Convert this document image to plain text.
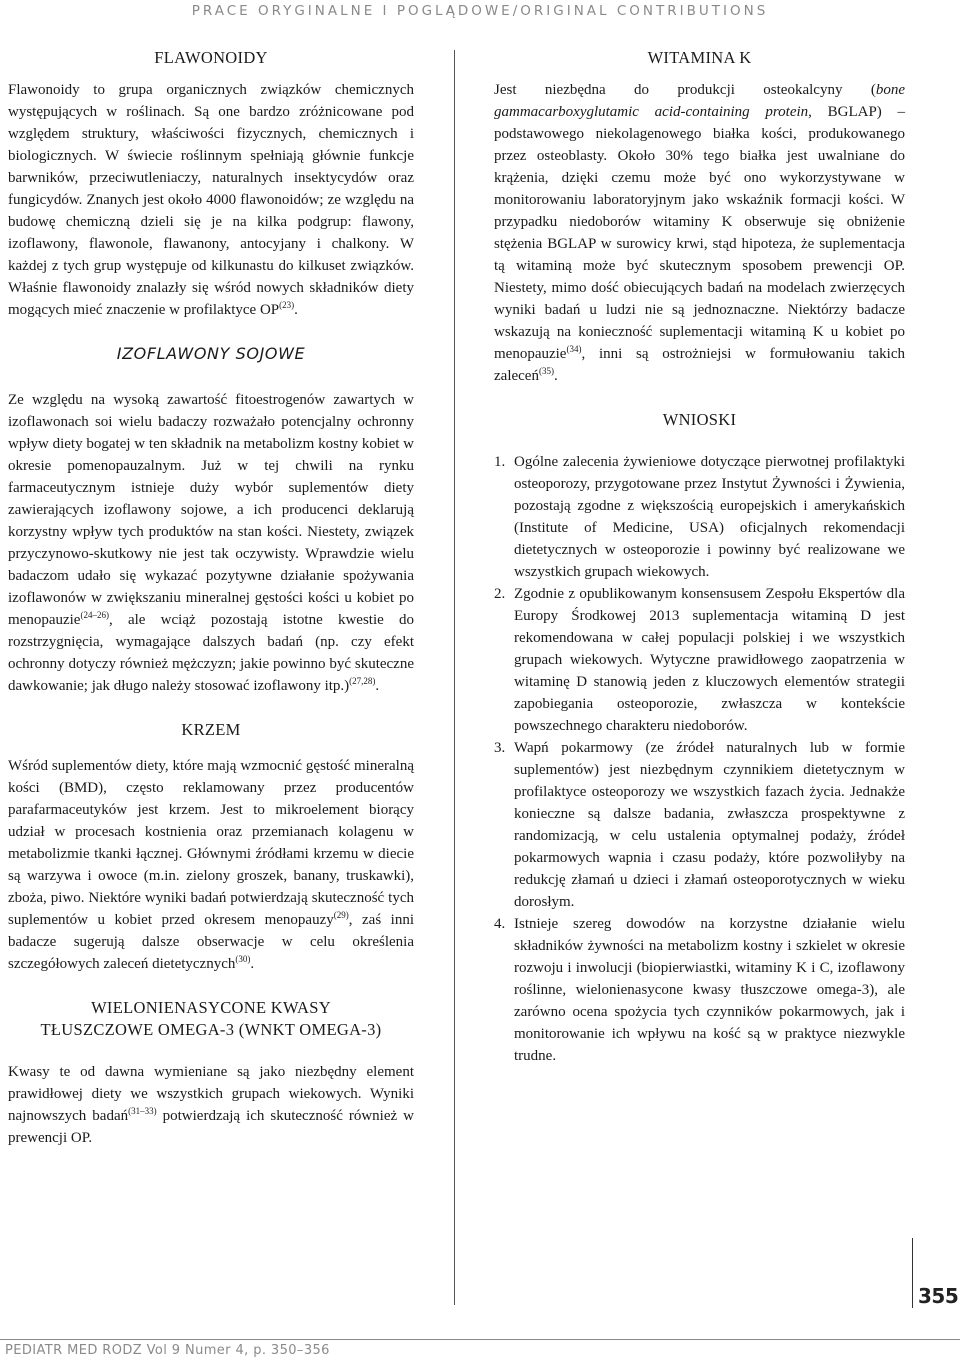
PRACE ORYGINALNE I POGLĄDOWE/ORIGINAL CONTRIBUTIONS
FLAWONOIDY

Flawonoidy to grupa organicznych związków chemicznych występujących w roślinach. Są one bardzo zróżnicowane pod względem struktury, właściwości fizycznych, chemicznych i biologicznych. W świecie roślinnym spełniają głównie funkcje barwników, przeciwutleniaczy, naturalnych insektycydów oraz fungicydów. Znanych jest około 4000 flawonoidów; ze względu na budowę chemiczną dzieli się je na kilka podgrup: flawony, izoflawony, flawonole, flawanony, antocyjany i chalkony. W każdej z tych grup występuje od kilkunastu do kilkuset związków. Właśnie flawonoidy znalazły się wśród nowych składników diety mogących mieć znaczenie w profilaktyce OP$^{(23)}$.

IZOFLAWONY SOJOWE

Ze względu na wysoką zawartość fitoestrogenów zawartych w izoflawonach soi wielu badaczy rozważało potencjalny ochronny wpływ diety bogatej w ten składnik na metabolizm kostny kobiet w okresie pomenopauzalnym. Już w tej chwili na rynku farmaceutycznym istnieje duży wybór suplementów diety zawierających izoflawony sojowe, a ich producenci deklarują korzystny wpływ tych produktów na stan kości. Niestety, związek przyczynowo-skutkowy nie jest tak oczywisty. Wprawdzie wielu badaczom udało się wykazać pozytywne działanie spożywania izoflawonów w zwiększaniu mineralnej gęstości kości u kobiet po menopauzie$^{(24-26)}$, ale wciąż pozostają istotne kwestie do rozstrzygnięcia, wymagające dalszych badań (np. czy efekt ochronny dotyczy również mężczyzn; jakie powinno być skuteczne dawkowanie; jak długo należy stosować izoflawony itp.)$^{(27,28)}$.

KRZEM

Wśród suplementów diety, które mają wzmocnić gęstość mineralną kości (BMD), często reklamowany przez producentów parafarmaceutyków jest krzem. Jest to mikroelement biorący udział w procesach kostnienia oraz przemianach kolagenu w metabolizmie tkanki łącznej. Głównymi źródłami krzemu w diecie są warzywa i owoce (m.in. zielony groszek, banany, truskawki), zboża, piwo. Niektóre wyniki badań potwierdzają skuteczność tych suplementów u kobiet przed okresem menopauzy$^{(29)}$, zaś inni badacze sugerują dalsze obserwacje w celu określenia szczegółowych zaleceń dietetycznych$^{(30)}$.

WIELONIENASYCONE KWASY
TŁUSZCZOWE OMEGA-3 (WNKT OMEGA-3)

Kwasy te od dawna wymieniane są jako niezbędny element prawidłowej diety we wszystkich grupach wiekowych. Wyniki najnowszych badań$^{(31-33)}$ potwierdzają ich skuteczność również w prewencji OP.

WITAMINA K

Jest niezbędna do produkcji osteokalcyny (bone gammacarboxyglutamic acid-containing protein, BGLAP) – podstawowego niekolagenowego białka kości, produkowanego przez osteoblasty. Około 30% tego białka jest uwalniane do krążenia, dzięki czemu może być ono wykorzystywane w monitorowaniu laboratoryjnym jako wskaźnik formacji kości. W przypadku niedoborów witaminy K obserwuje się obniżenie stężenia BGLAP w surowicy krwi, stąd hipoteza, że suplementacja tą witaminą może być skutecznym sposobem prewencji OP. Niestety, mimo dość obiecujących badań na modelach zwierzęcych wyniki badań u ludzi nie są jednoznaczne. Niektórzy badacze wskazują na konieczność suplementacji witaminą K u kobiet po menopauzie$^{(34)}$, inni są ostrożniejsi w formułowaniu takich zaleceń$^{(35)}$.

WNIOSKI
1. Ogólne zalecenia żywieniowe dotyczące pierwotnej profilaktyki osteoporozy, przygotowane przez Instytut Żywności i Żywienia, pozostają zgodne z większością europejskich i amerykańskich (Institute of Medicine, USA) oficjalnych rekomendacji dietetycznych w osteoporozie i powinny być realizowane we wszystkich grupach wiekowych.
2. Zgodnie z opublikowanym konsensusem Zespołu Ekspertów dla Europy Środkowej 2013 suplementacja witaminą D jest rekomendowana w całej populacji polskiej i we wszystkich grupach wiekowych. Wytyczne prawidłowego zaopatrzenia w witaminę D stanowią jeden z kluczowych elementów strategii zapobiegania osteoporozie, zwłaszcza w kontekście powszechnego charakteru niedoborów.
3. Wapń pokarmowy (ze źródeł naturalnych lub w formie suplementów) jest niezbędnym czynnikiem dietetycznym w profilaktyce osteoporozy we wszystkich fazach życia. Jednakże konieczne są dalsze badania, zwłaszcza prospektywne z randomizacją, w celu ustalenia optymalnej podaży, źródeł pokarmowych wapnia i czasu podaży, które pozwoliłyby na redukcję złamań u dzieci i złamań osteoporotycznych w wieku dorosłym.
4. Istnieje szereg dowodów na korzystne działanie wielu składników żywności na metabolizm kostny i szkielet w okresie rozwoju i inwolucji (biopierwiastki, witaminy K i C, izoflawony roślinne, wielonienasycone kwasy tłuszczowe omega-3), ale zarówno ocena spożycia tych czynników pokarmowych, jak i monitorowanie ich wpływu na kość są w praktyce niezwykle trudne.
355
PEDIATR MED RODZ Vol 9 Numer 4, p. 350–356
